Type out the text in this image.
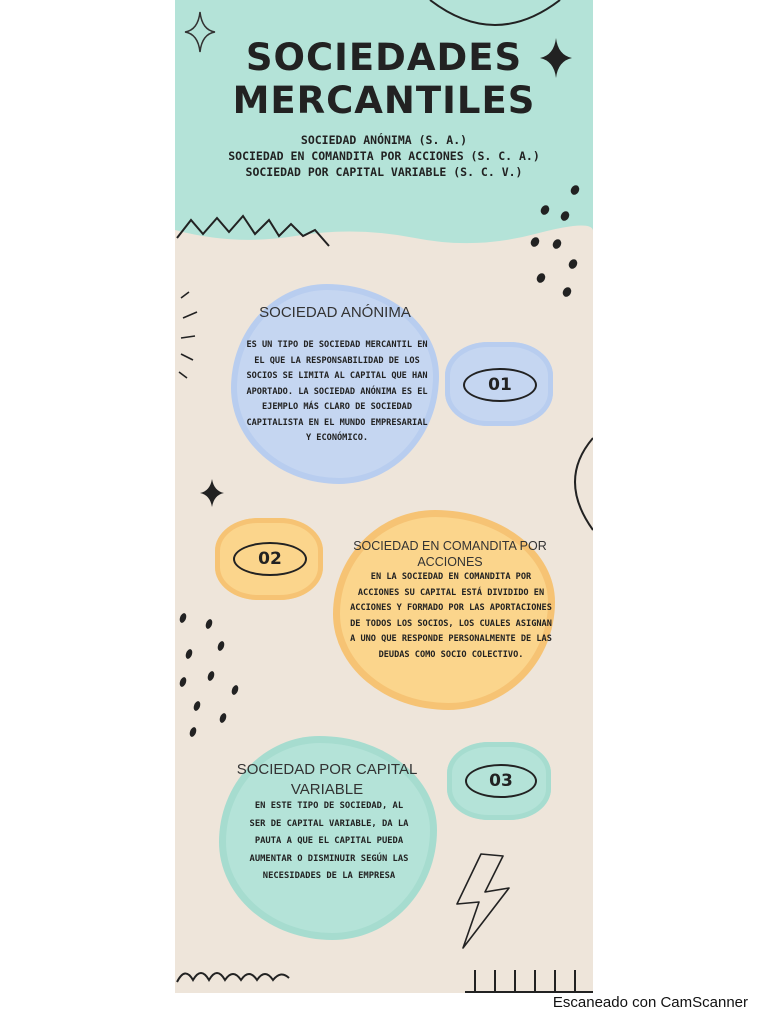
SOCIEDADES
MERCANTILES
SOCIEDAD ANÓNIMA (S. A.)
SOCIEDAD EN COMANDITA POR ACCIONES (S. C. A.)
SOCIEDAD POR CAPITAL VARIABLE (S. C. V.)
SOCIEDAD ANÓNIMA
ES UN TIPO DE SOCIEDAD MERCANTIL EN EL QUE LA RESPONSABILIDAD DE LOS SOCIOS SE LIMITA AL CAPITAL QUE HAN APORTADO. LA SOCIEDAD ANÓNIMA ES EL EJEMPLO MÁS CLARO DE SOCIEDAD CAPITALISTA EN EL MUNDO EMPRESARIAL Y ECONÓMICO.
01
02
SOCIEDAD EN COMANDITA POR ACCIONES
EN LA SOCIEDAD EN COMANDITA POR ACCIONES SU CAPITAL ESTÁ DIVIDIDO EN ACCIONES Y FORMADO POR LAS APORTACIONES DE TODOS LOS SOCIOS, LOS CUALES ASIGNAN A UNO QUE RESPONDE PERSONALMENTE DE LAS DEUDAS COMO SOCIO COLECTIVO.
SOCIEDAD POR CAPITAL VARIABLE
EN ESTE TIPO DE SOCIEDAD, AL SER DE CAPITAL VARIABLE, DA LA PAUTA A QUE EL CAPITAL PUEDA AUMENTAR O DISMINUIR SEGÚN LAS NECESIDADES DE LA EMPRESA
03
Escaneado con CamScanner
